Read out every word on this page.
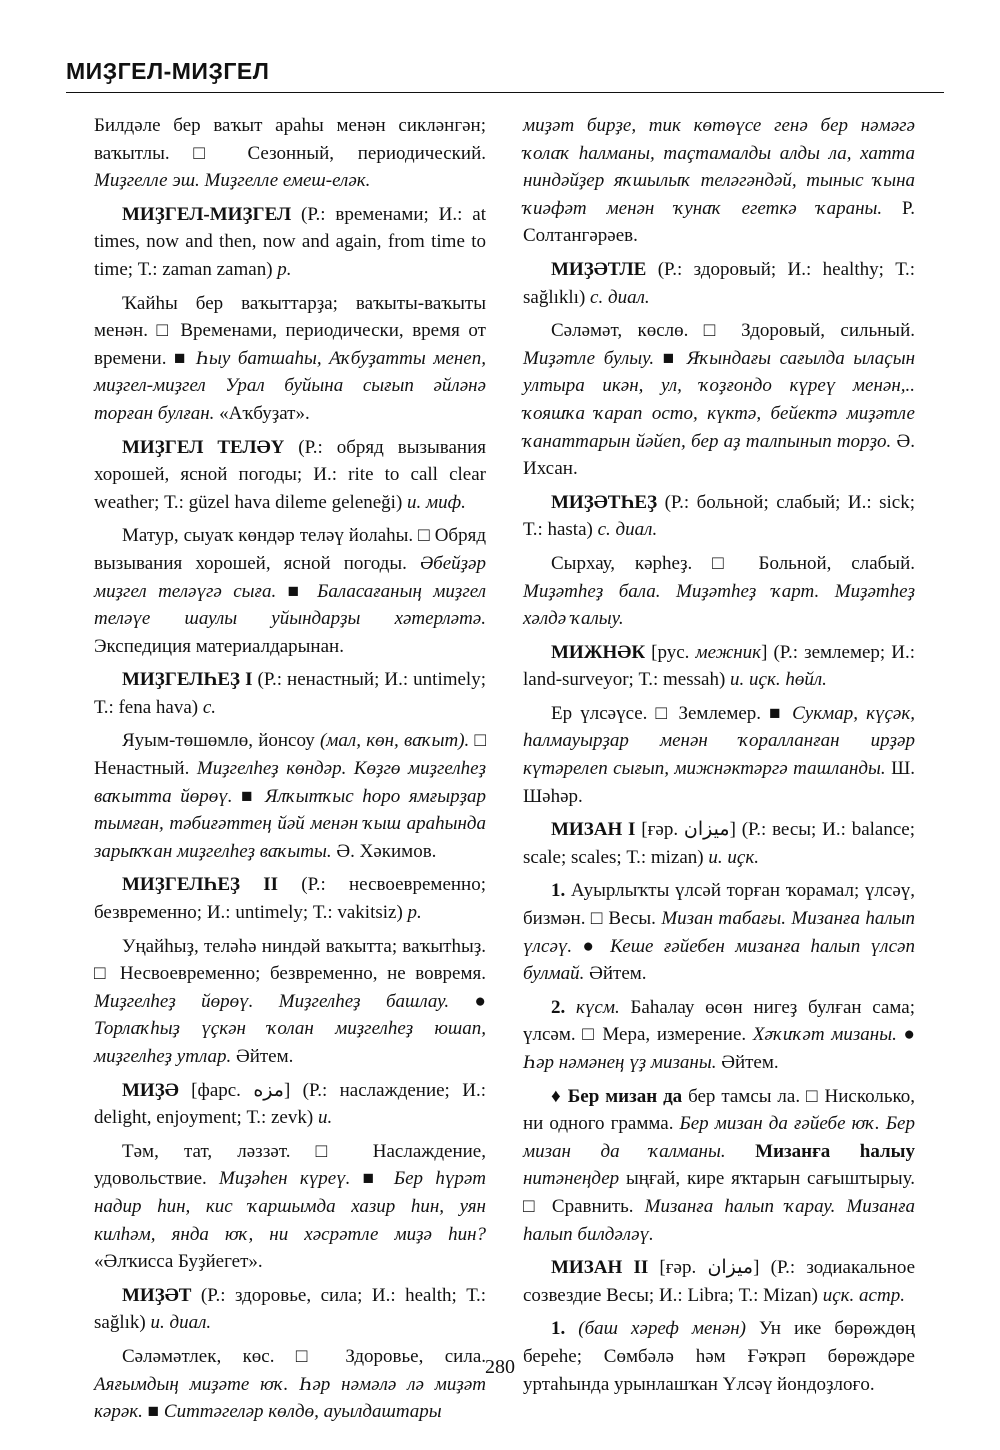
МИҘГЕЛ-МИҘГЕЛ

Билдәле бер ваҡыт араһы менән сикләнгән; ваҡытлы. □ Сезонный, периодический. Миҙгелле эш. Миҙгелле емеш-еләк.

МИҘГЕЛ-МИҘГЕЛ (Р.: временами; И.: at times, now and then, now and again, from time to time; Т.: zaman zaman) р.

Ҡайһы бер ваҡыттарҙа; ваҡыты-ваҡыты менән. □ Временами, периодически, время от времени. ■ Һыу батшаһы, Аҡбуҙатты менеп, миҙгел-миҙгел Урал буйына сығып әйләнә торған булған. «Аҡбуҙат».

МИҘГЕЛ ТЕЛӘҮ (Р.: обряд вызывания хорошей, ясной погоды; И.: rite to call clear weather; Т.: güzel hava dileme geleneği) и. миф.

Матур, сыуаҡ көндәр теләү йолаһы. □ Обряд вызывания хорошей, ясной погоды. Әбейҙәр миҙгел теләүгә сыға. ■ Баласағаның миҙгел теләүе шаулы уйындарҙы хәтерләтә. Экспедиция материалдарынан.

МИҘГЕЛҺЕҘ I (Р.: ненастный; И.: untimely; Т.: fena hava) с.

Яуым-төшөмлө, йонсоу (мал, көн, ваҡыт). □ Ненастный. Миҙгелһеҙ көндәр. Көҙгө миҙгелһеҙ ваҡытта йөрөү. ■ Ялҡытҡыс һоро ямғырҙар тымған, тәбиғәттең йәй менән ҡыш араһында зарыҡҡан миҙгелһеҙ ваҡыты. Ә. Хәкимов.

МИҘГЕЛҺЕҘ II (Р.: несвоевременно; безвременно; И.: untimely; Т.: vakitsiz) р.

Уңайһыҙ, теләһә ниндәй ваҡытта; ваҡытһыҙ. □ Несвоевременно; безвременно, не вовремя. Миҙгелһеҙ йөрөү. Миҙгелһеҙ башлау. ● Торлаҡһыҙ үҫкән ҡолан миҙгелһеҙ юшап, миҙгелһеҙ утлар. Әйтем.

МИҘӘ [фарс. مزه] (Р.: наслаждение; И.: delight, enjoyment; Т.: zevk) и.

Тәм, тат, ләззәт. □ Наслаждение, удовольствие. Миҙәһен күреү. ■ Бер һүрәт надир һин, кис ҡаршымда хазир һин, уян килһәм, янда юҡ, ни хәсрәтле миҙә һин? «Әлҡисса Буҙйегет».

МИҘӘТ (Р.: здоровье, сила; И.: health; Т.: sağlık) и. диал.

Сәләмәтлек, көс. □ Здоровье, сила. Аяғымдың миҙәте юҡ. Һәр нәмәлә лә миҙәт кәрәк. ■ Ситтәгеләр көлдө, ауылдаштары

миҙәт бирҙе, тик көтөүсе генә бер нәмәгә ҡолаҡ һалманы, таҫтамалды алды ла, хатта ниндәйҙер яҡшылыҡ теләгәндәй, тыныс ҡына ҡиәфәт менән ҡунаҡ егеткә ҡараны. Р. Солтангәрәев.

МИҘӘТЛЕ (Р.: здоровый; И.: healthy; Т.: sağlıklı) с. диал.

Сәләмәт, көслө. □ Здоровый, сильный. Миҙәтле булыу. ■ Яҡындағы сағылда ылаҫын ултыра икән, ул, ҡоҙғондо күреү менән,.. ҡояшҡа ҡарап осто, күктә, бейектә миҙәтле ҡанаттарын йәйеп, бер аҙ талпынып торҙо. Ә. Ихсан.

МИҘӘТҺЕҘ (Р.: больной; слабый; И.: sick; Т.: hasta) с. диал.

Сырхау, кәрһеҙ. □ Больной, слабый. Миҙәтһеҙ бала. Миҙәтһеҙ ҡарт. Миҙәтһеҙ хәлдә ҡалыу.

МИЖНӘК [рус. межник] (Р.: землемер; И.: land-surveyor; Т.: messah) и. иҫк. һөйл.

Ер үлсәүсе. □ Землемер. ■ Сукмар, күҫәк, һалмауырҙар менән ҡоралланған ирҙәр күтәрелеп сығып, мижнәктәргә ташланды. Ш. Шәһәр.

МИЗАН I [ғәр. ميزان] (Р.: весы; И.: balance; scale; scales; Т.: mizan) и. иҫк.

1. Ауырлыҡты үлсәй торған ҡорамал; үлсәү, бизмән. □ Весы. Мизан табағы. Мизанға һалып үлсәү. ● Кеше ғәйебен мизанға һалып үлсәп булмай. Әйтем.

2. күсм. Баһалау өсөн нигеҙ булған сама; үлсәм. □ Мера, измерение. Хәҡиҡәт мизаны. ● Һәр нәмәнең үҙ мизаны. Әйтем.

♦ Бер мизан да бер тамсы ла. □ Нисколько, ни одного грамма. Бер мизан да ғәйебе юҡ. Бер мизан да ҡалманы. Мизанға һалыу ниmәнеңдер ыңғай, кире яҡтарын сағыштырыу. □ Сравнить. Мизанға һалып ҡарау. Мизанға һалып билдәләү.

МИЗАН II [ғәр. ميزان] (Р.: зодиакальное созвездие Весы; И.: Libra; Т.: Mizan) иҫк. астр.

1. (баш хәреф менән) Ун ике бөрөждөң береһе; Сөмбәлә һәм Ғәҡрәп бөрөждәре уртаһында урынлашҡан Үлсәү йондоҙлоғо.

280
